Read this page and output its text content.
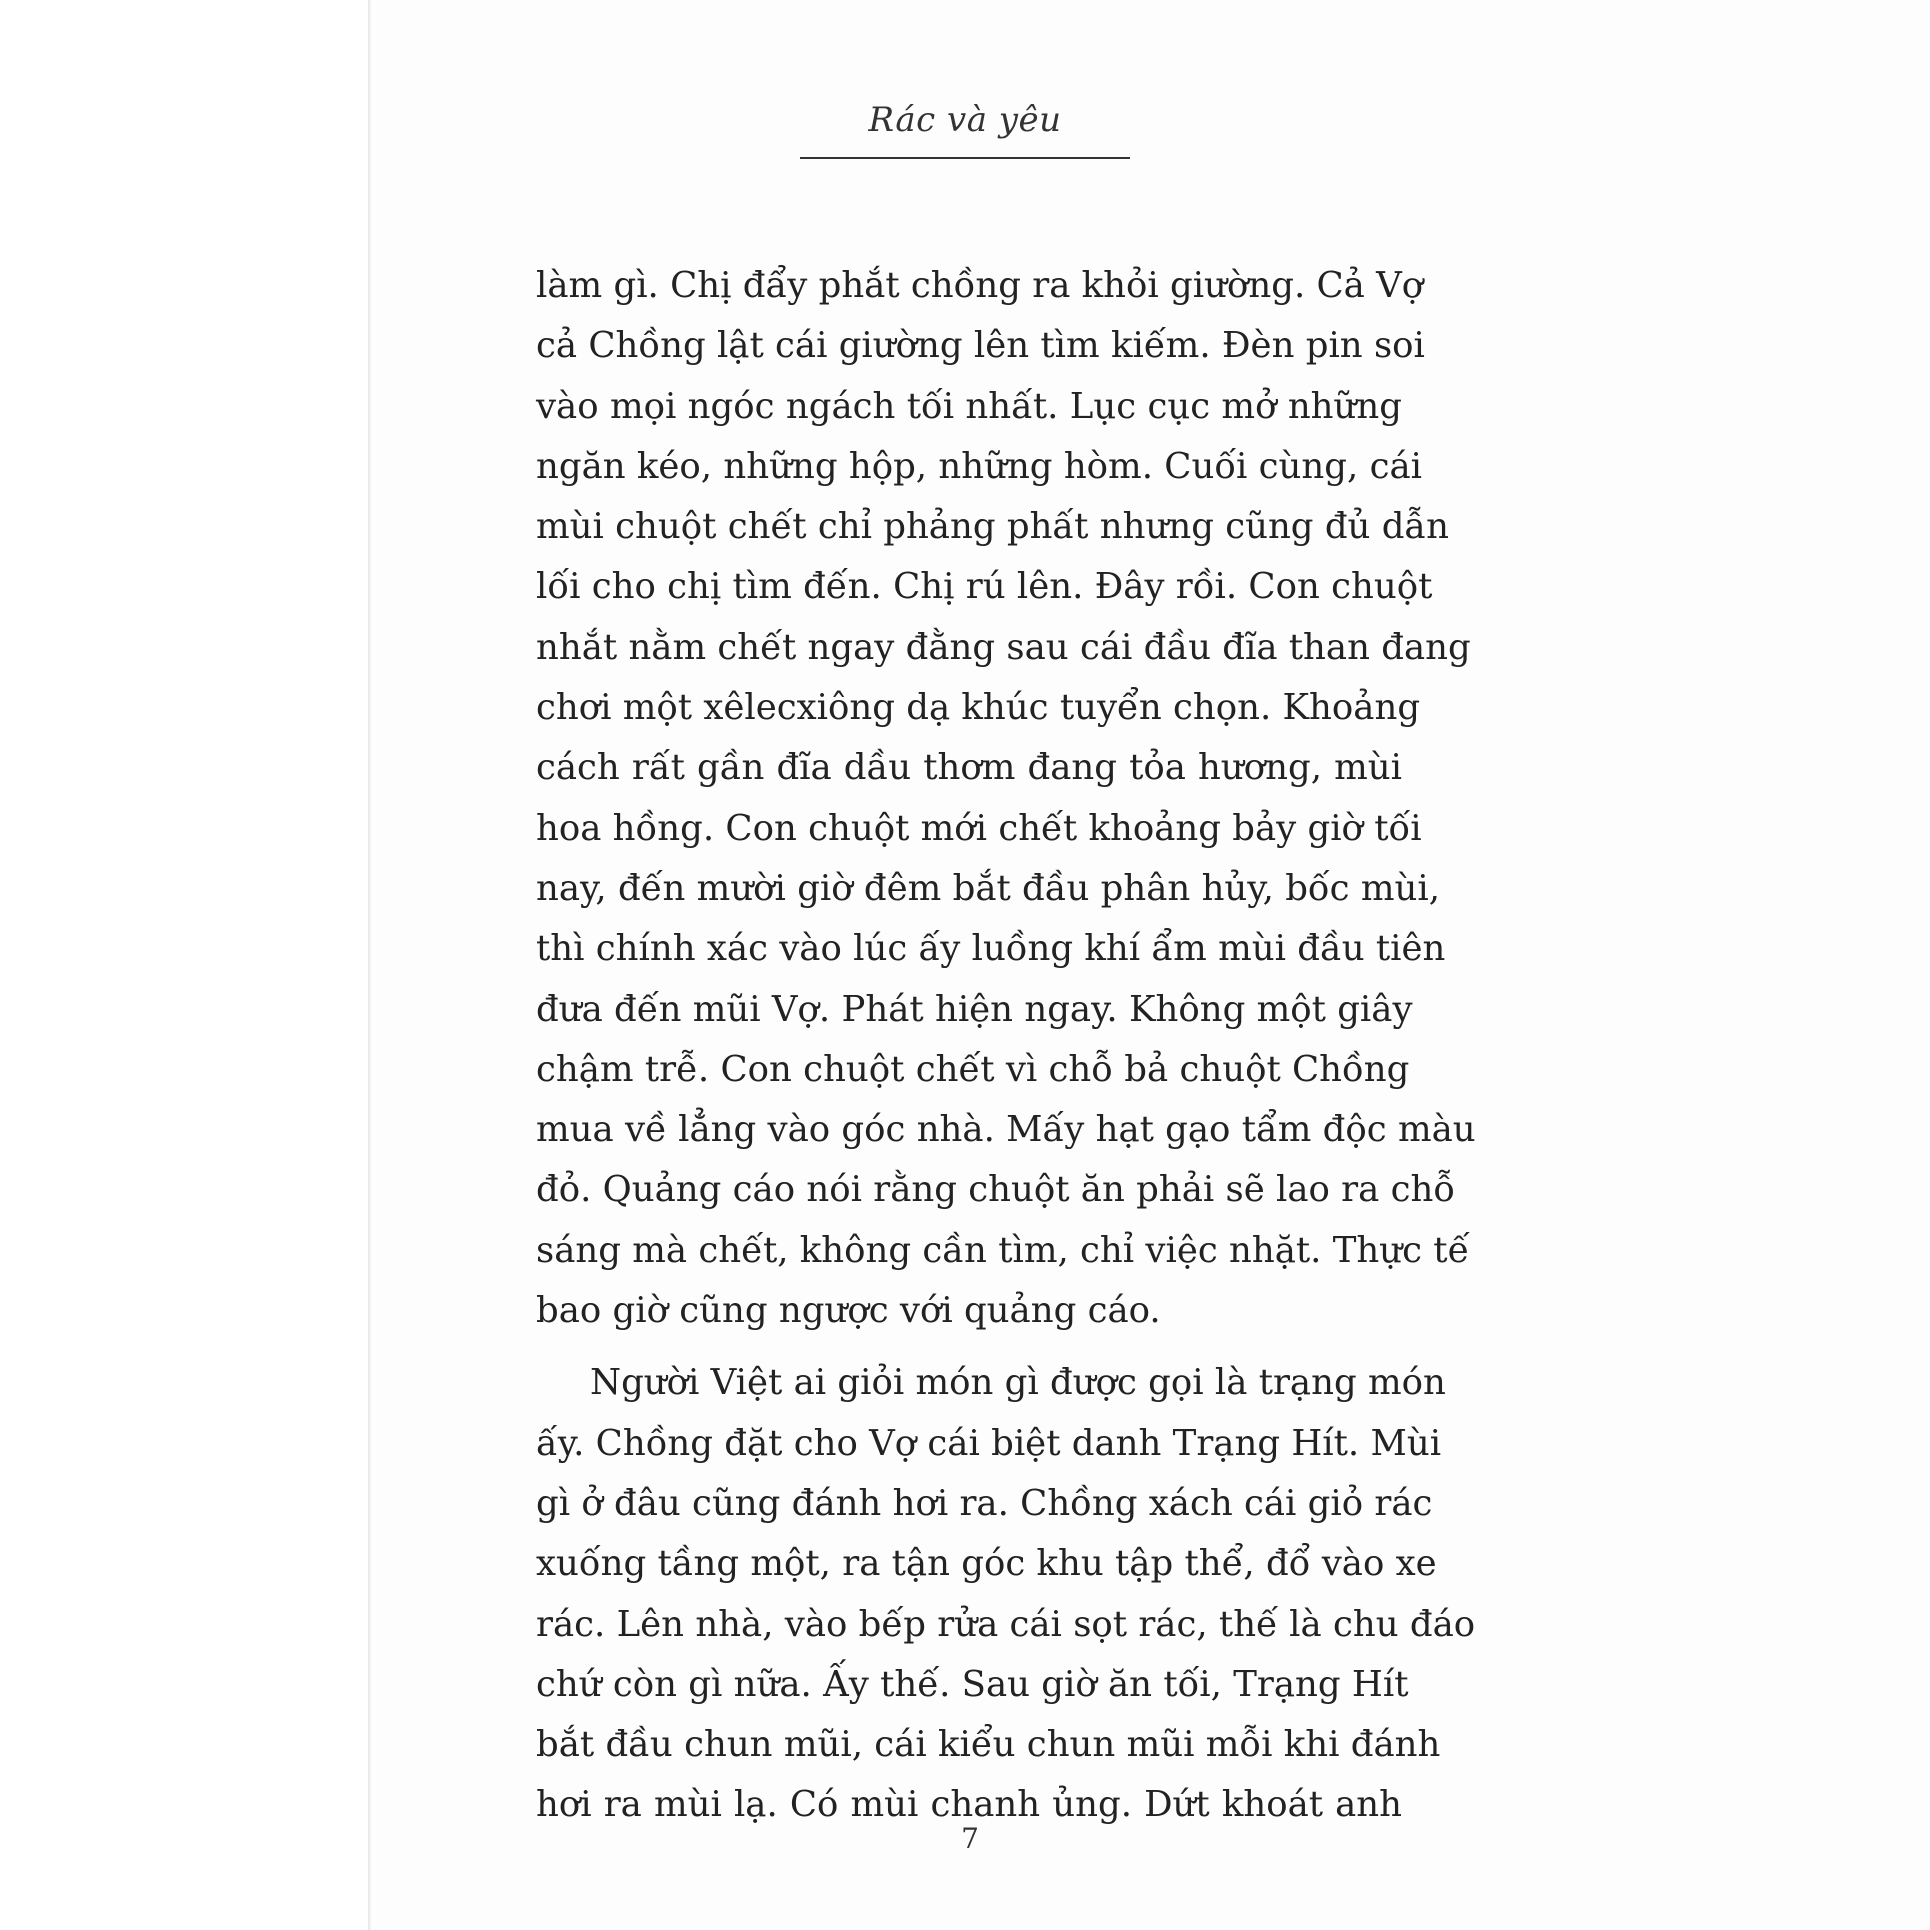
Rác và yêu
làm gì. Chị đẩy phắt chồng ra khỏi giường. Cả Vợ
cả Chồng lật cái giường lên tìm kiếm. Đèn pin soi
vào mọi ngóc ngách tối nhất. Lục cục mở những
ngăn kéo, những hộp, những hòm. Cuối cùng, cái
mùi chuột chết chỉ phảng phất nhưng cũng đủ dẫn
lối cho chị tìm đến. Chị rú lên. Đây rồi. Con chuột
nhắt nằm chết ngay đằng sau cái đầu đĩa than đang
chơi một xêlecxiông dạ khúc tuyển chọn. Khoảng
cách rất gần đĩa dầu thơm đang tỏa hương, mùi
hoa hồng. Con chuột mới chết khoảng bảy giờ tối
nay, đến mười giờ đêm bắt đầu phân hủy, bốc mùi,
thì chính xác vào lúc ấy luồng khí ẩm mùi đầu tiên
đưa đến mũi Vợ. Phát hiện ngay. Không một giây
chậm trễ. Con chuột chết vì chỗ bả chuột Chồng
mua về lẳng vào góc nhà. Mấy hạt gạo tẩm độc màu
đỏ. Quảng cáo nói rằng chuột ăn phải sẽ lao ra chỗ
sáng mà chết, không cần tìm, chỉ việc nhặt. Thực tế
bao giờ cũng ngược với quảng cáo.
Người Việt ai giỏi món gì được gọi là trạng món
ấy. Chồng đặt cho Vợ cái biệt danh Trạng Hít. Mùi
gì ở đâu cũng đánh hơi ra. Chồng xách cái giỏ rác
xuống tầng một, ra tận góc khu tập thể, đổ vào xe
rác. Lên nhà, vào bếp rửa cái sọt rác, thế là chu đáo
chứ còn gì nữa. Ấy thế. Sau giờ ăn tối, Trạng Hít
bắt đầu chun mũi, cái kiểu chun mũi mỗi khi đánh
hơi ra mùi lạ. Có mùi chanh ủng. Dứt khoát anh
7
